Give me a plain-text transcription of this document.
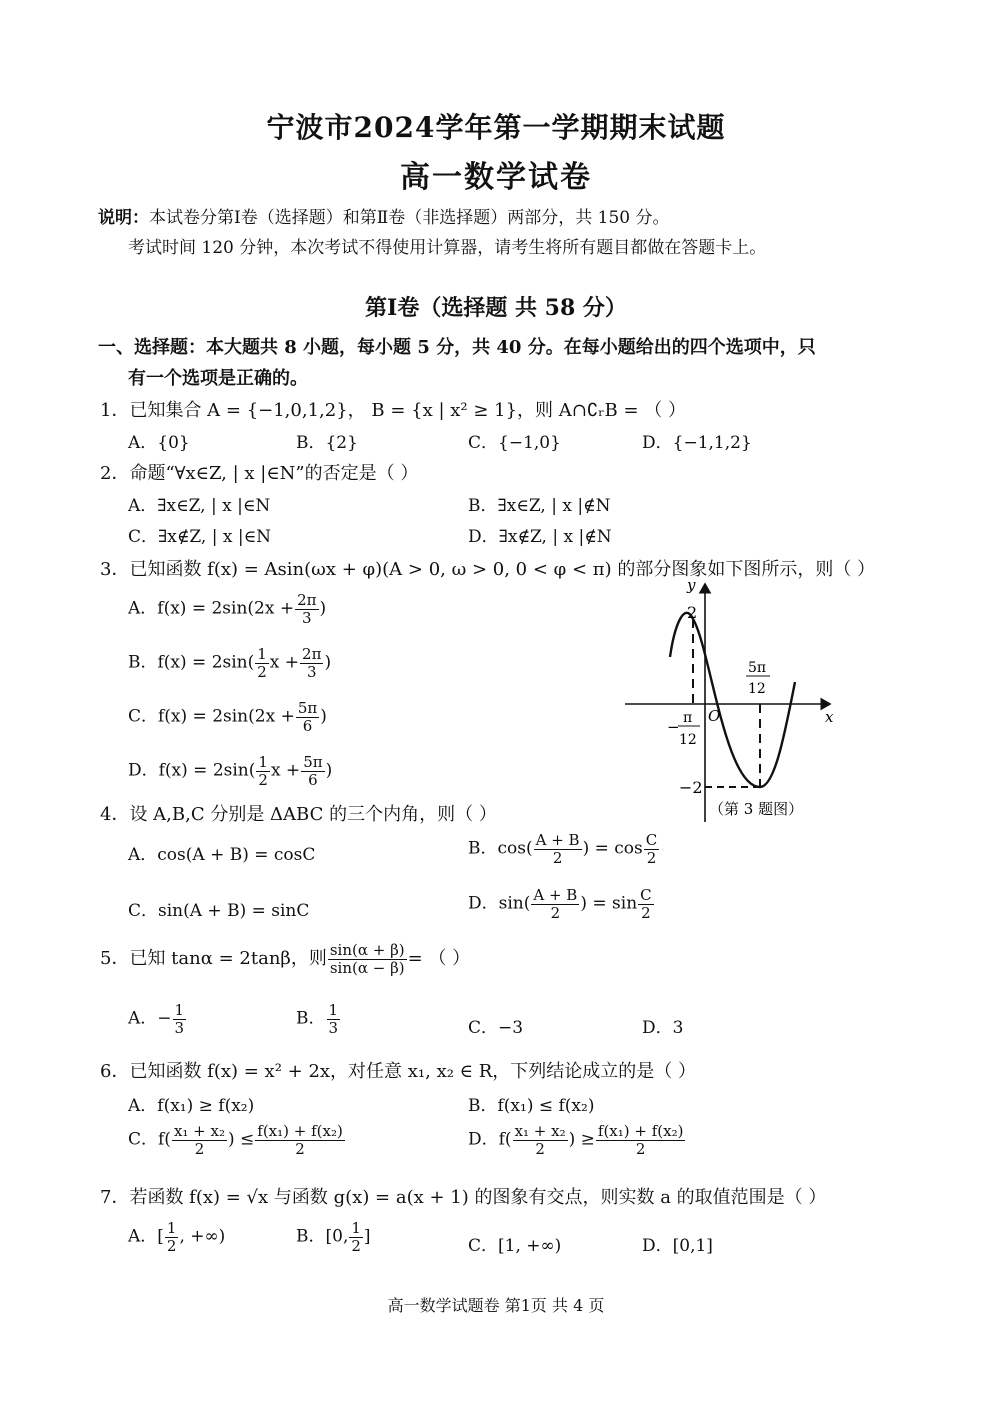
宁波市2024学年第一学期期末试题
高一数学试卷
说明：本试卷分第Ⅰ卷（选择题）和第Ⅱ卷（非选择题）两部分，共 150 分。
考试时间 120 分钟，本次考试不得使用计算器，请考生将所有题目都做在答题卡上。
第Ⅰ卷（选择题 共 58 分）
一、选择题：本大题共 8 小题，每小题 5 分，共 40 分。在每小题给出的四个选项中，只
有一个选项是正确的。
1．已知集合 A = {−1,0,1,2}， B = {x | x² ≥ 1}，则 A∩∁ᵣB = （ ）
A．{0}	B．{2}	C．{−1,0}	D．{−1,1,2}
2．命题“∀x∈Z, | x |∈N”的否定是（ ）
A．∃x∈Z, | x |∈N	B．∃x∈Z, | x |∉N
C．∃x∉Z, | x |∈N	D．∃x∉Z, | x |∉N
3．已知函数 f(x) = Asin(ωx + φ)(A > 0, ω > 0, 0 < φ < π) 的部分图象如下图所示，则（ ）
A．$f(x) = 2\sin(2x + \frac{2\pi}{3}$ )
B．$f(x) = 2\sin( \frac{1}{2}$ $x + \frac{2\pi}{3}$ )
C．$f(x) = 2\sin(2x + \frac{5\pi}{6}$ )
D．$f(x) = 2\sin( \frac{1}{2}$ $x + \frac{5\pi}{6}$ )
y
x
2
−2
O
− π
12
5π
12
（第 3 题图）
4．设 A,B,C 分别是 ΔABC 的三个内角，则（ ）
A．cos(A + B) = cosC	B．$\cos( \frac{A + B}{2}$ ) = $\cos \frac{C}{2}$
C．sin(A + B) = sinC	D．$\sin( \frac{A + B}{2}$ ) = $\sin \frac{C}{2}$
5．已知 tanα = 2tanβ，则 $\frac{\sin(\alpha + \beta)}{\sin(\alpha - \beta)}$ = （ ）
A．− $\frac{1}{3}$	B． $\frac{1}{3}$	C．−3	D．3
6．已知函数 f(x) = x² + 2x，对任意 x₁, x₂ ∈ R，下列结论成立的是（ ）
A．f(x₁) ≥ f(x₂)	B．f(x₁) ≤ f(x₂)
C．$f( \frac{\text{x₁ + x₂}}{2}$ ) ≤ $\frac{\text{f(x₁) + f(x₂)}}{2}$	D．$f( \frac{\text{x₁ + x₂}}{2}$ ) ≥ $\frac{\text{f(x₁) + f(x₂)}}{2}$
7．若函数 f(x) = √x 与函数 g(x) = a(x + 1) 的图象有交点，则实数 a 的取值范围是（ ）
A．[ $\frac{1}{2}$ , +∞)	B．[0, $\frac{1}{2}$ ]	C．[1, +∞)	D．[0,1]
高一数学试题卷 第1页 共 4 页
